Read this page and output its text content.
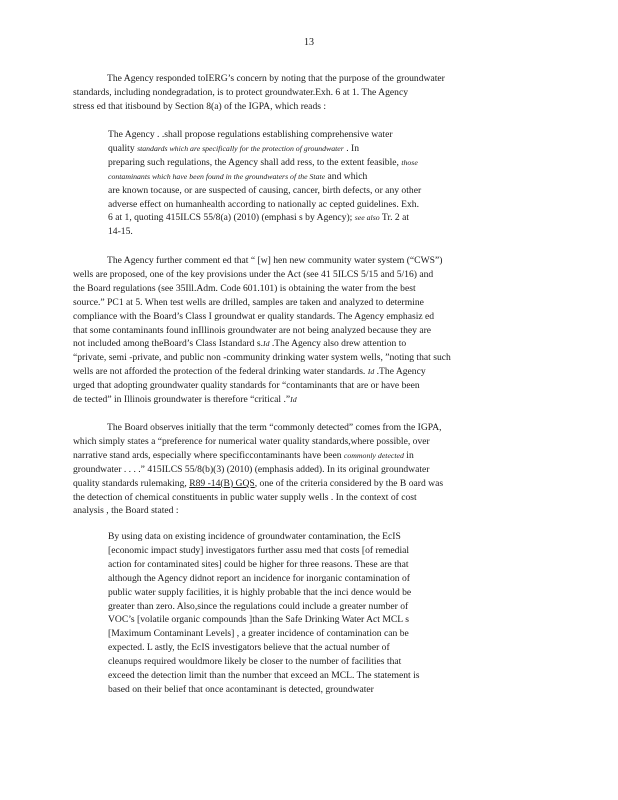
13
The Agency responded toIERG’s concern by noting that the purpose of the groundwater
standards, including nondegradation, is to protect groundwater.Exh. 6 at 1. The Agency
stress ed that itisbound by Section 8(a) of the IGPA, which reads :
The Agency . .shall propose regulations establishing comprehensive water
quality standards which are specifically for the protection of groundwater . In
preparing such regulations, the Agency shall add ress, to the extent feasible, those
contaminants which have been found in the groundwaters of the State and which
are known tocause, or are suspected of causing, cancer, birth defects, or any other
adverse effect on humanhealth according to nationally ac cepted guidelines. Exh.
6 at 1, quoting 415ILCS 55/8(a) (2010) (emphasi s by Agency); see also Tr. 2 at
14-15.
The Agency further comment ed that “ [w] hen new community water system (“CWS”)
wells are proposed, one of the key provisions under the Act (see 41 5ILCS 5/15 and 5/16) and
the Board regulations (see 35Ill.Adm. Code 601.101) is obtaining the water from the best
source.” PC1 at 5. When test wells are drilled, samples are taken and analyzed to determine
compliance with the Board’s Class I groundwat er quality standards. The Agency emphasiz ed
that some contaminants found inIllinois groundwater are not being analyzed because they are
not included among theBoard’s Class Istandard s.Id .The Agency also drew attention to
“private, semi -private, and public non -community drinking water system wells, ”noting that such
wells are not afforded the protection of the federal drinking water standards. Id .The Agency
urged that adopting groundwater quality standards for “contaminants that are or have been
de tected” in Illinois groundwater is therefore “critical .”Id
The Board observes initially that the term “commonly detected” comes from the IGPA,
which simply states a “preference for numerical water quality standards,where possible, over
narrative stand ards, especially where specificcontaminants have been commonly detected in
groundwater . . . .” 415ILCS 55/8(b)(3) (2010) (emphasis added). In its original groundwater
quality standards rulemaking, R89 -14(B) GQS, one of the criteria considered by the B oard was
the detection of chemical constituents in public water supply wells . In the context of cost
analysis , the Board stated :
By using data on existing incidence of groundwater contamination, the EcIS
[economic impact study] investigators further assu med that costs [of remedial
action for contaminated sites] could be higher for three reasons. These are that
although the Agency didnot report an incidence for inorganic contamination of
public water supply facilities, it is highly probable that the inci dence would be
greater than zero. Also,since the regulations could include a greater number of
VOC’s [volatile organic compounds ]than the Safe Drinking Water Act MCL s
[Maximum Contaminant Levels] , a greater incidence of contamination can be
expected. L astly, the EcIS investigators believe that the actual number of
cleanups required wouldmore likely be closer to the number of facilities that
exceed the detection limit than the number that exceed an MCL. The statement is
based on their belief that once acontaminant is detected, groundwater
